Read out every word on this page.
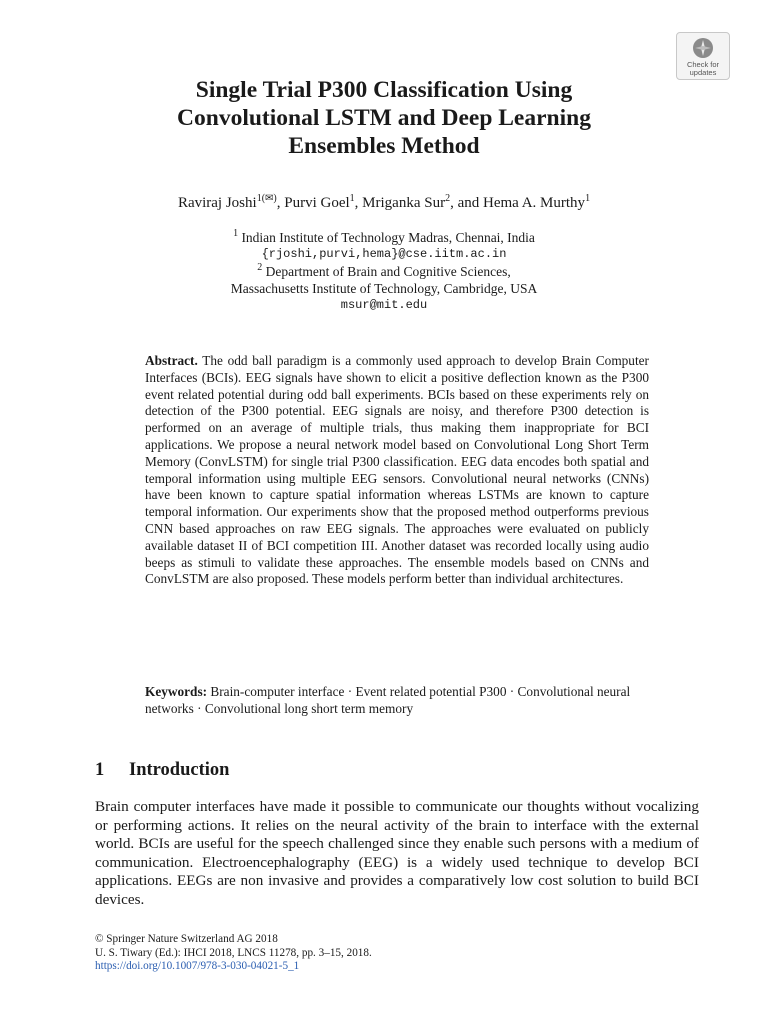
Check for
updates
Single Trial P300 Classification Using
Convolutional LSTM and Deep Learning
Ensembles Method
Raviraj Joshi$^{1(✉)}$, Purvi Goel$^1$, Mriganka Sur$^2$, and Hema A. Murthy$^1$
$^1$ Indian Institute of Technology Madras, Chennai, India
{rjoshi,purvi,hema}@cse.iitm.ac.in
$^2$ Department of Brain and Cognitive Sciences,
Massachusetts Institute of Technology, Cambridge, USA
msur@mit.edu

Abstract. The odd ball paradigm is a commonly used approach to develop Brain Computer Interfaces (BCIs). EEG signals have shown to elicit a positive deflection known as the P300 event related potential during odd ball experiments. BCIs based on these experiments rely on detection of the P300 potential. EEG signals are noisy, and therefore P300 detection is performed on an average of multiple trials, thus making them inappropriate for BCI applications. We propose a neural network model based on Convolutional Long Short Term Memory (ConvLSTM) for single trial P300 classification. EEG data encodes both spatial and temporal information using multiple EEG sensors. Convolutional neural networks (CNNs) have been known to capture spatial information whereas LSTMs are known to capture temporal information. Our experiments show that the proposed method outperforms previous CNN based approaches on raw EEG signals. The approaches were evaluated on publicly available dataset II of BCI competition III. Another dataset was recorded locally using audio beeps as stimuli to validate these approaches. The ensemble models based on CNNs and ConvLSTM are also proposed. These models perform better than individual architectures.

Keywords: Brain-computer interface · Event related potential P300 · Convolutional neural networks · Convolutional long short term memory

1 Introduction

Brain computer interfaces have made it possible to communicate our thoughts without vocalizing or performing actions. It relies on the neural activity of the brain to interface with the external world. BCIs are useful for the speech challenged since they enable such persons with a medium of communication. Electroencephalography (EEG) is a widely used technique to develop BCI applications. EEGs are non invasive and provides a comparatively low cost solution to build BCI devices.

© Springer Nature Switzerland AG 2018
U. S. Tiwary (Ed.): IHCI 2018, LNCS 11278, pp. 3–15, 2018.
https://doi.org/10.1007/978-3-030-04021-5_1
